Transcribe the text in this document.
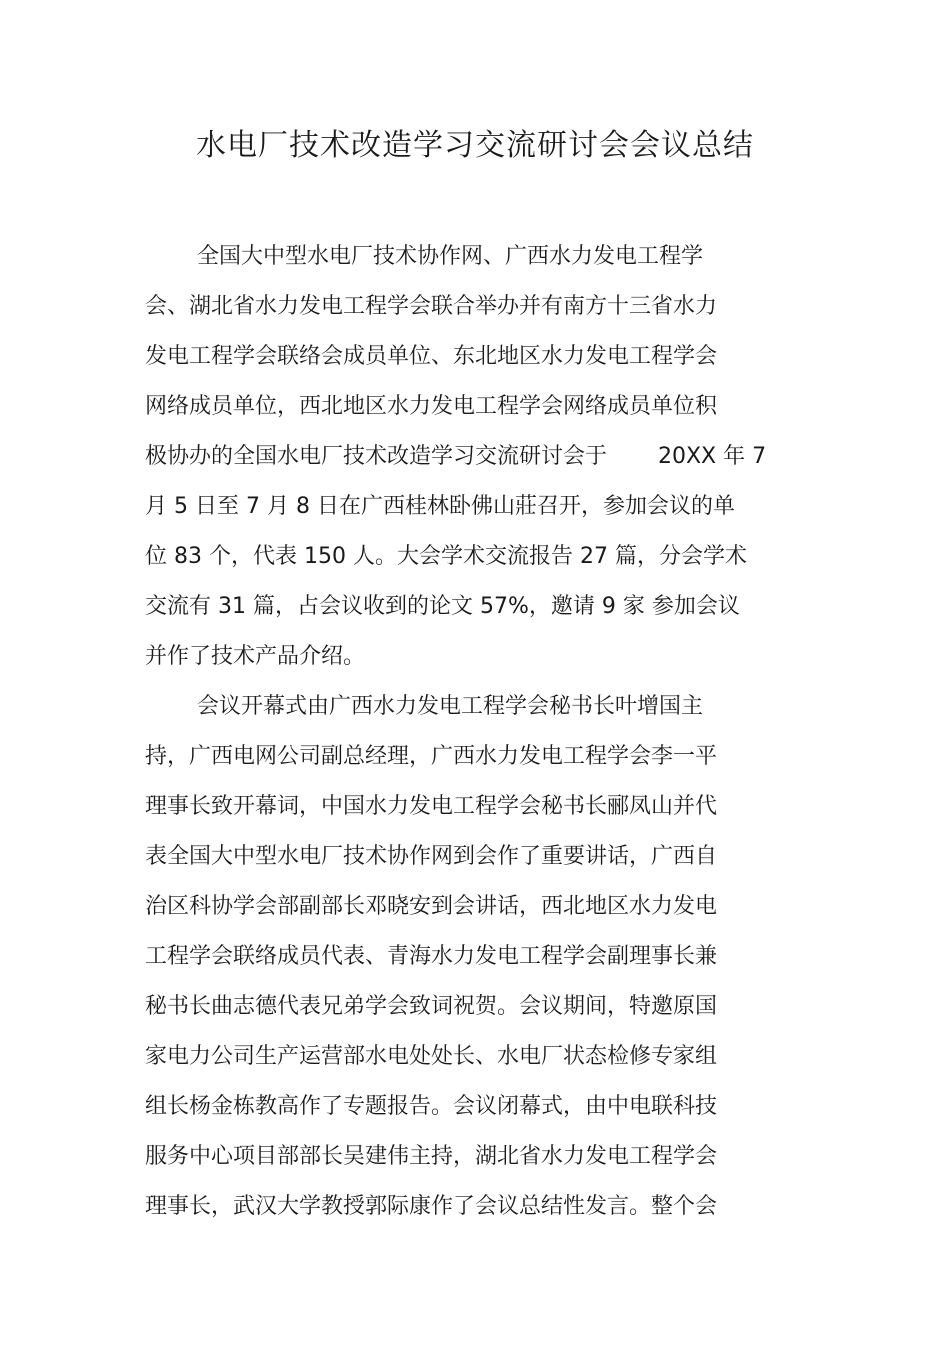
水电厂技术改造学习交流研讨会会议总结
全国大中型水电厂技术协作网、广西水力发电工程学
会、湖北省水力发电工程学会联合举办并有南方十三省水力
发电工程学会联络会成员单位、东北地区水力发电工程学会
网络成员单位，西北地区水力发电工程学会网络成员单位积
极协办的全国水电厂技术改造学习交流研讨会于　　 20XX 年 7
月 5 日至 7 月 8 日在广西桂林卧佛山莊召开，参加会议的单
位 83 个，代表 150 人。大会学术交流报告 27 篇，分会学术
交流有 31 篇，占会议收到的论文 57%，邀请 9 家 参加会议
并作了技术产品介绍。
会议开幕式由广西水力发电工程学会秘书长叶增国主
持，广西电网公司副总经理，广西水力发电工程学会李一平
理事长致开幕词，中国水力发电工程学会秘书长郦凤山并代
表全国大中型水电厂技术协作网到会作了重要讲话，广西自
治区科协学会部副部长邓晓安到会讲话，西北地区水力发电
工程学会联络成员代表、青海水力发电工程学会副理事长兼
秘书长曲志德代表兄弟学会致词祝贺。会议期间，特邀原国
家电力公司生产运营部水电处处长、水电厂状态检修专家组
组长杨金栋教高作了专题报告。会议闭幕式，由中电联科技
服务中心项目部部长吴建伟主持，湖北省水力发电工程学会
理事长，武汉大学教授郭际康作了会议总结性发言。整个会
